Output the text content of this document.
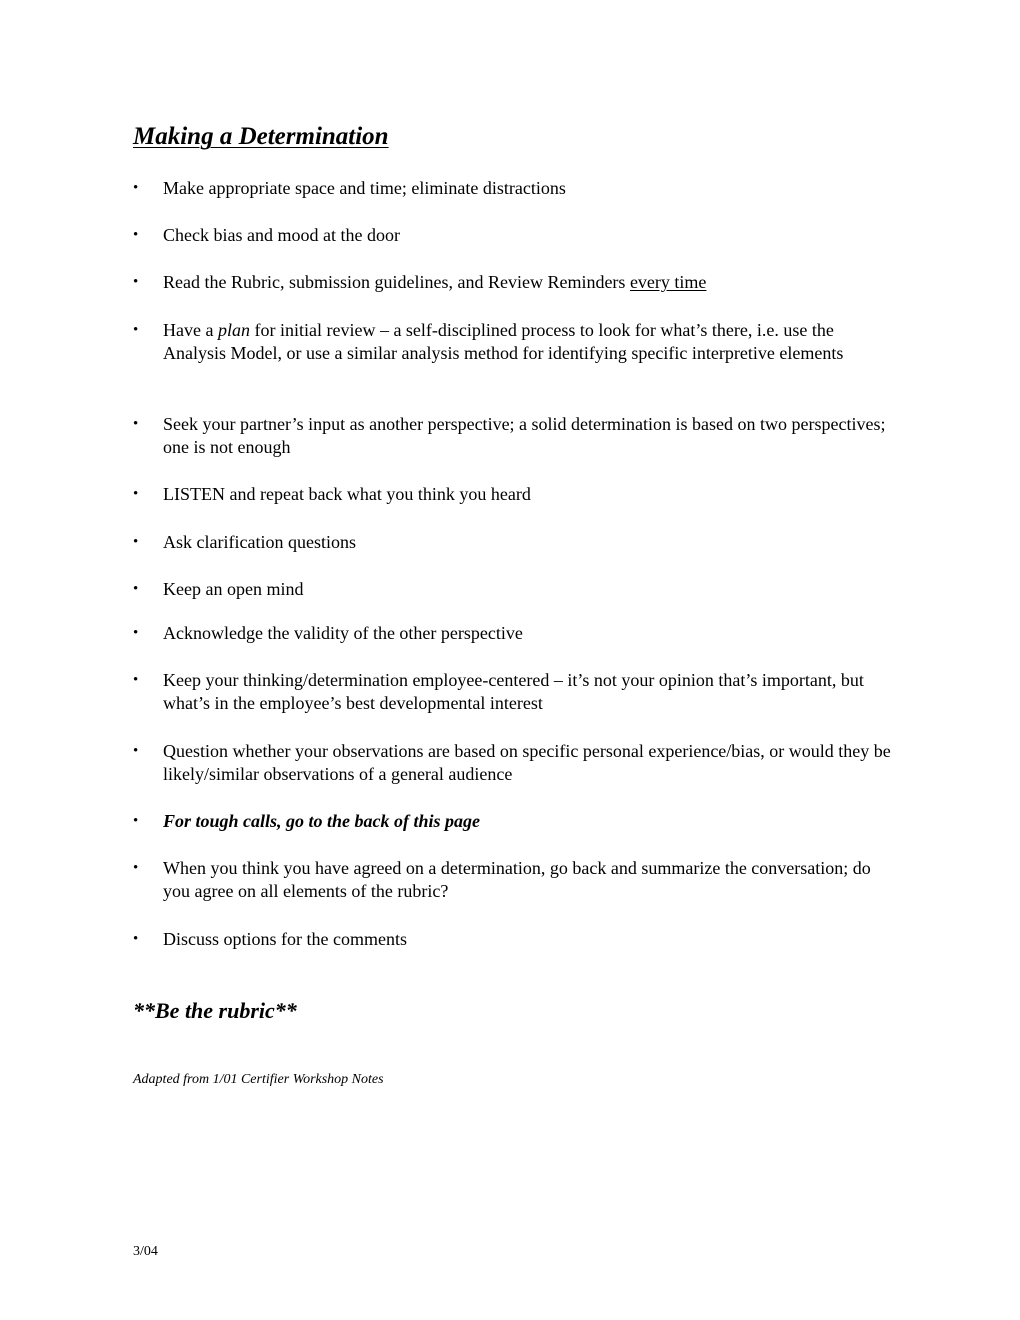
Making a Determination
• Make appropriate space and time; eliminate distractions
• Check bias and mood at the door
• Read the Rubric, submission guidelines, and Review Reminders every time
• Have a plan for initial review – a self-disciplined process to look for what’s there, i.e. use the Analysis Model, or use a similar analysis method for identifying specific interpretive elements
• Seek your partner’s input as another perspective; a solid determination is based on two perspectives; one is not enough
• LISTEN and repeat back what you think you heard
• Ask clarification questions
• Keep an open mind
• Acknowledge the validity of the other perspective
• Keep your thinking/determination employee-centered – it’s not your opinion that’s important, but what’s in the employee’s best developmental interest
• Question whether your observations are based on specific personal experience/bias, or would they be likely/similar observations of a general audience
• For tough calls, go to the back of this page
• When you think you have agreed on a determination, go back and summarize the conversation; do you agree on all elements of the rubric?
• Discuss options for the comments
**Be the rubric**
Adapted from 1/01 Certifier Workshop Notes
3/04
